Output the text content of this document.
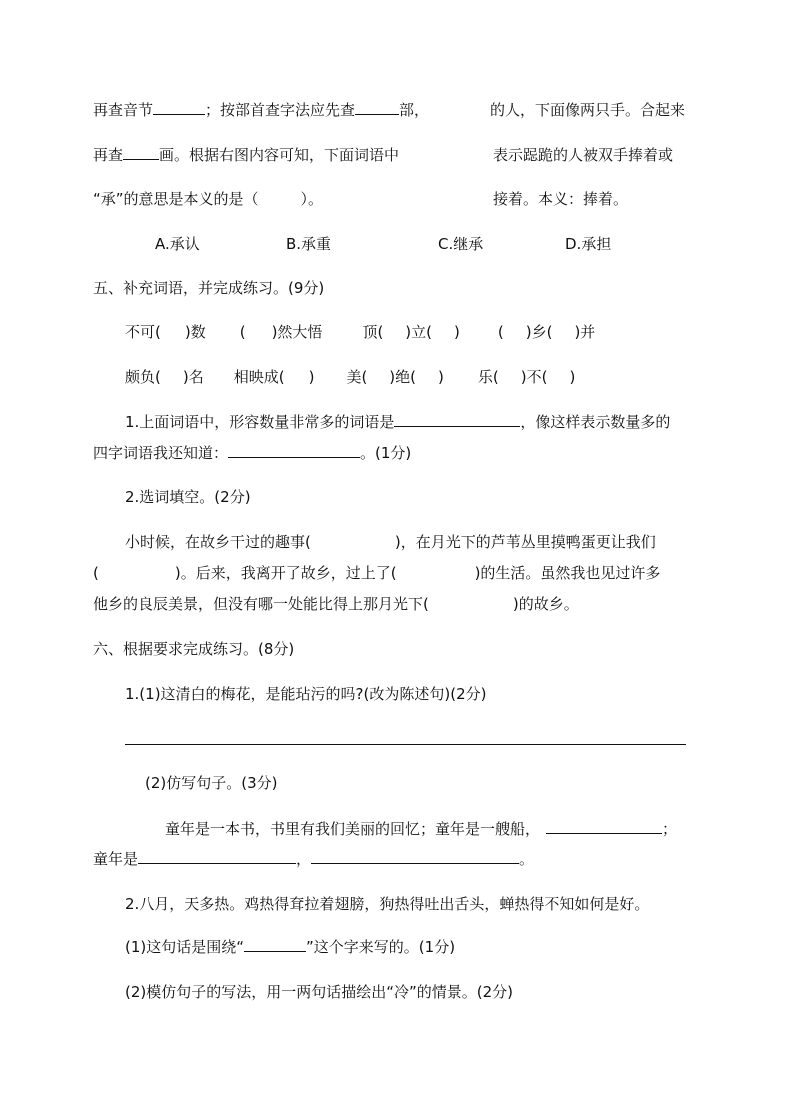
再查音节	；按部首查字法应先查	部，	的人，下面像两只手。合起来
再查 画。根据右图内容可知，下面词语中	表示跽跪的人被双手捧着或
“承”的意思是本义的是（	）。	接着。本义：捧着。
A.承认	B.承重	C.继承	D.承担
五、补充词语，并完成练习。(9分)
不可( )数 ( )然大悟	顶( )立( )	( )乡( )并
颇负( )名 相映成( ) 美( )绝( ) 乐( )不( )
1.上面词语中，形容数量非常多的词语是	，像这样表示数量多的
四字词语我还知道：	。(1分)
2.选词填空。(2分)
小时候，在故乡干过的趣事(	)，在月光下的芦苇丛里摸鸭蛋更让我们
(	)。后来，我离开了故乡，过上了(	)的生活。虽然我也见过许多
他乡的良辰美景，但没有哪一处能比得上那月光下(	)的故乡。
六、根据要求完成练习。(8分)
1.(1)这清白的梅花，是能玷污的吗?(改为陈述句)(2分)
(2)仿写句子。(3分)
童年是一本书，书里有我们美丽的回忆；童年是一艘船，	；
童年是	，	。
2.八月，天多热。鸡热得耷拉着翅膀，狗热得吐出舌头，蝉热得不知如何是好。
(1)这句话是围绕“	”这个字来写的。(1分)
(2)模仿句子的写法，用一两句话描绘出“冷”的情景。(2分)
